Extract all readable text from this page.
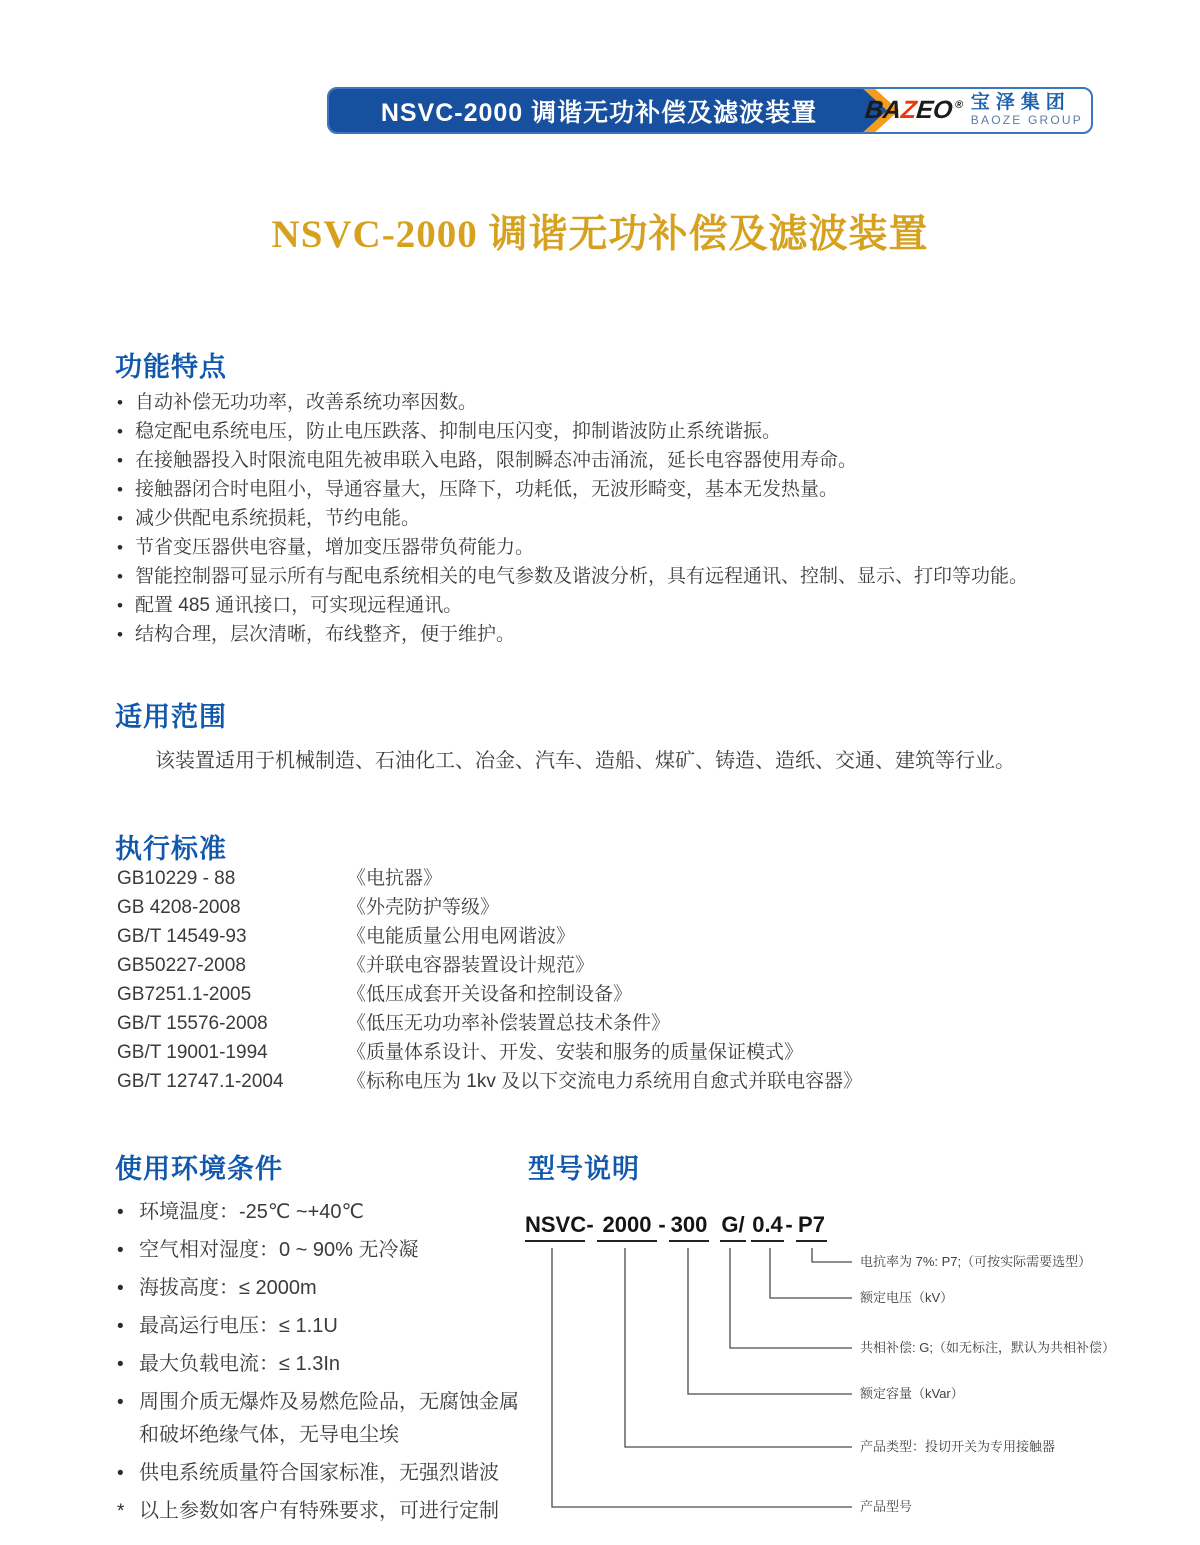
NSVC-2000 调谐无功补偿及滤波装置	BAZEO® 宝泽集团
BAOZE GROUP
NSVC-2000 调谐无功补偿及滤波装置
功能特点
• 自动补偿无功功率，改善系统功率因数。
• 稳定配电系统电压，防止电压跌落、抑制电压闪变，抑制谐波防止系统谐振。
• 在接触器投入时限流电阻先被串联入电路，限制瞬态冲击涌流，延长电容器使用寿命。
• 接触器闭合时电阻小，导通容量大，压降下，功耗低，无波形畸变，基本无发热量。
• 减少供配电系统损耗，节约电能。
• 节省变压器供电容量，增加变压器带负荷能力。
• 智能控制器可显示所有与配电系统相关的电气参数及谐波分析，具有远程通讯、控制、显示、打印等功能。
• 配置 485 通讯接口，可实现远程通讯。
• 结构合理，层次清晰，布线整齐，便于维护。
适用范围

该装置适用于机械制造、石油化工、冶金、汽车、造船、煤矿、铸造、造纸、交通、建筑等行业。

执行标准
GB10229 - 88	《电抗器》
GB 4208-2008	《外壳防护等级》
GB/T 14549-93	《电能质量公用电网谐波》
GB50227-2008	《并联电容器装置设计规范》
GB7251.1-2005	《低压成套开关设备和控制设备》
GB/T 15576-2008	《低压无功功率补偿装置总技术条件》
GB/T 19001-1994	《质量体系设计、开发、安装和服务的质量保证模式》
GB/T 12747.1-2004	《标称电压为 1kv 及以下交流电力系统用自愈式并联电容器》
使用环境条件
• 环境温度：-25℃ ~+40℃
• 空气相对湿度：0 ~ 90% 无冷凝
• 海拔高度：≤ 2000m
• 最高运行电压：≤ 1.1U
• 最大负载电流：≤ 1.3In
• 周围介质无爆炸及易燃危险品，无腐蚀金属和破坏绝缘气体，无导电尘埃
• 供电系统质量符合国家标准，无强烈谐波
* 以上参数如客户有特殊要求，可进行定制
型号说明
NSVC - 2000 - 300 G/ 0.4 - P7
电抗率为 7%: P7;（可按实际需要选型）
额定电压（kV）
共相补偿: G;（如无标注，默认为共相补偿）
额定容量（kVar）
产品类型：投切开关为专用接触器
产品型号
